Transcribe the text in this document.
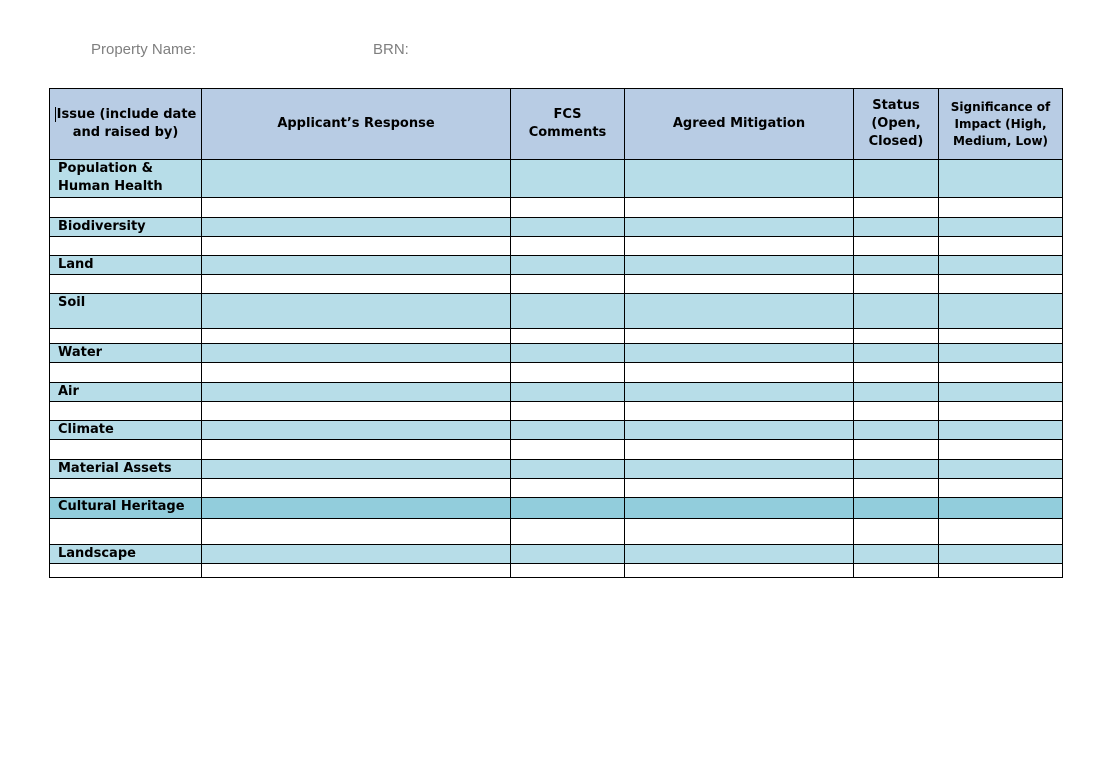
Property Name:	BRN:
Issue (include date and raised by)	Applicant’s Response	FCS Comments	Agreed Mitigation	Status (Open, Closed)	Significance of Impact (High, Medium, Low)
Population & Human Health					

Biodiversity					

Land					

Soil					

Water					

Air					

Climate					

Material Assets					

Cultural Heritage					

Landscape					
